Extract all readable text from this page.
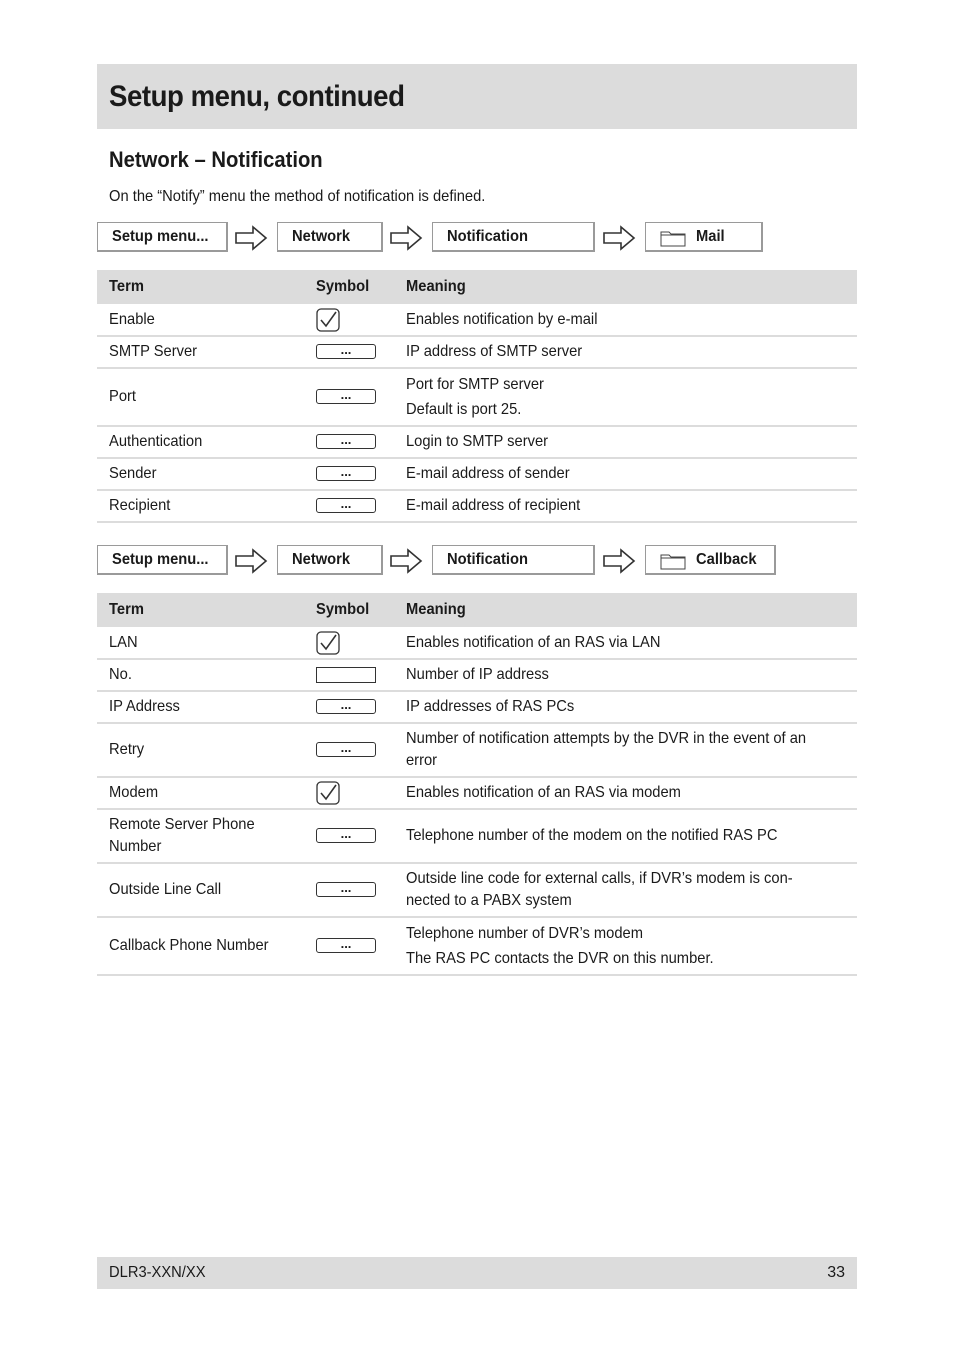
Setup menu, continued
Network – Notification
On the “Notify” menu the method of notification is defined.
Setup menu...	Network	Notification	Mail
Term	Symbol	Meaning
Enable		Enables notification by e-mail
SMTP Server	...	IP address of SMTP server
Port	...	Port for SMTP server
Default is port 25.
Authentication	...	Login to SMTP server
Sender	...	E-mail address of sender
Recipient	...	E-mail address of recipient
Setup menu...	Network	Notification	Callback
Term	Symbol	Meaning
LAN		Enables notification of an RAS via LAN
No.		Number of IP address
IP Address	...	IP addresses of RAS PCs
Retry	...	Number of notification attempts by the DVR in the event of an
error
Modem		Enables notification of an RAS via modem
Remote Server Phone
Number	...	Telephone number of the modem on the notified RAS PC
Outside Line Call	...	Outside line code for external calls, if DVR’s modem is con-
nected to a PABX system
Callback Phone Number	...	Telephone number of DVR’s modem
The RAS PC contacts the DVR on this number.
DLR3-XXN/XX	33
